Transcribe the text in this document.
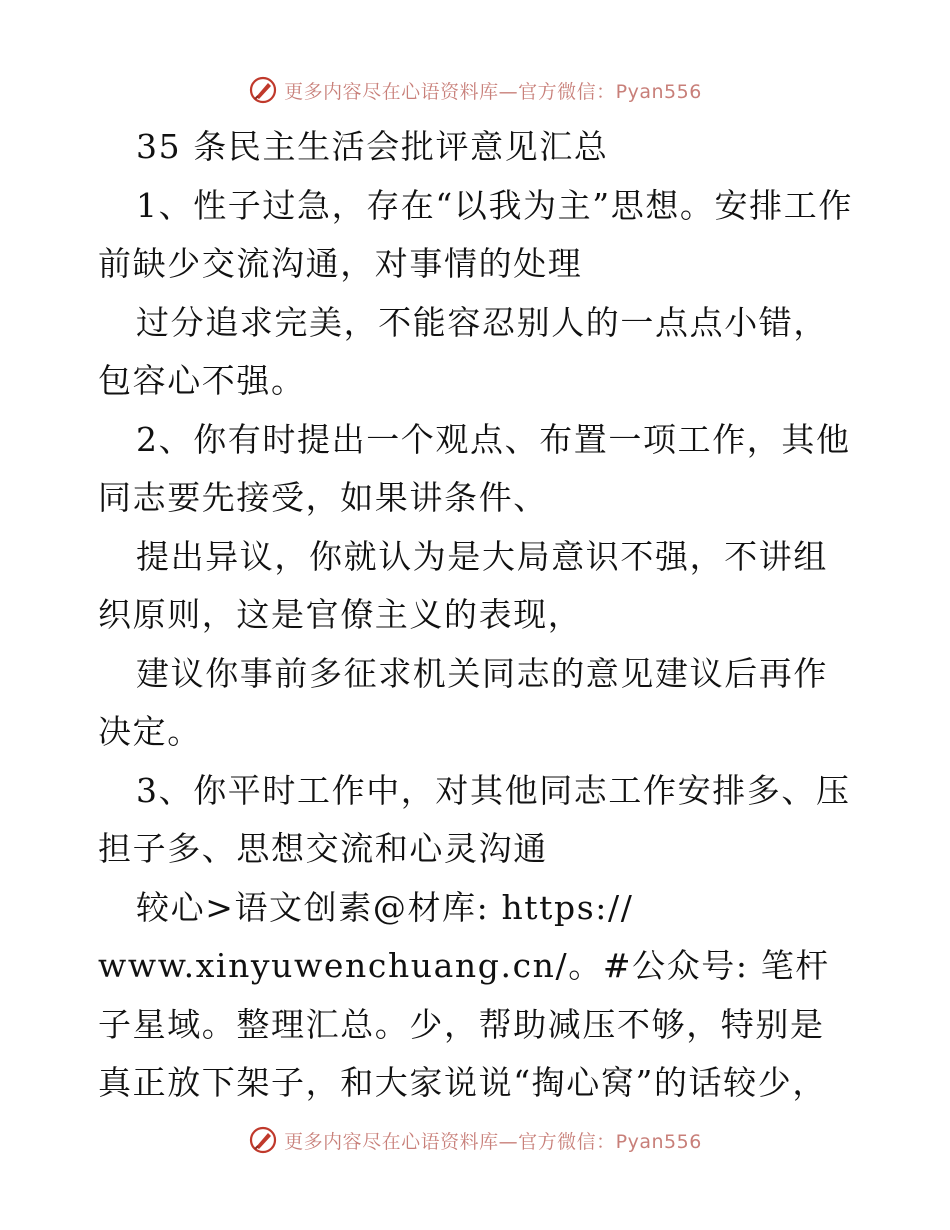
更多内容尽在心语资料库—官方微信：Pyan556

35 条民主生活会批评意见汇总

1、性子过急，存在“以我为主”思想。安排工作前缺少交流沟通，对事情的处理

过分追求完美，不能容忍别人的一点点小错，包容心不强。

2、你有时提出一个观点、布置一项工作，其他同志要先接受，如果讲条件、

提出异议，你就认为是大局意识不强，不讲组织原则，这是官僚主义的表现，

建议你事前多征求机关同志的意见建议后再作决定。

3、你平时工作中，对其他同志工作安排多、压担子多、思想交流和心灵沟通

较心>语文创素@材库: https://

www.xinyuwenchuang.cn/。#公众号: 笔杆子星域。整理汇总。少，帮助减压不够，特别是真正放下架子，和大家说说“掏心窝”的话较少，

更多内容尽在心语资料库—官方微信：Pyan556
